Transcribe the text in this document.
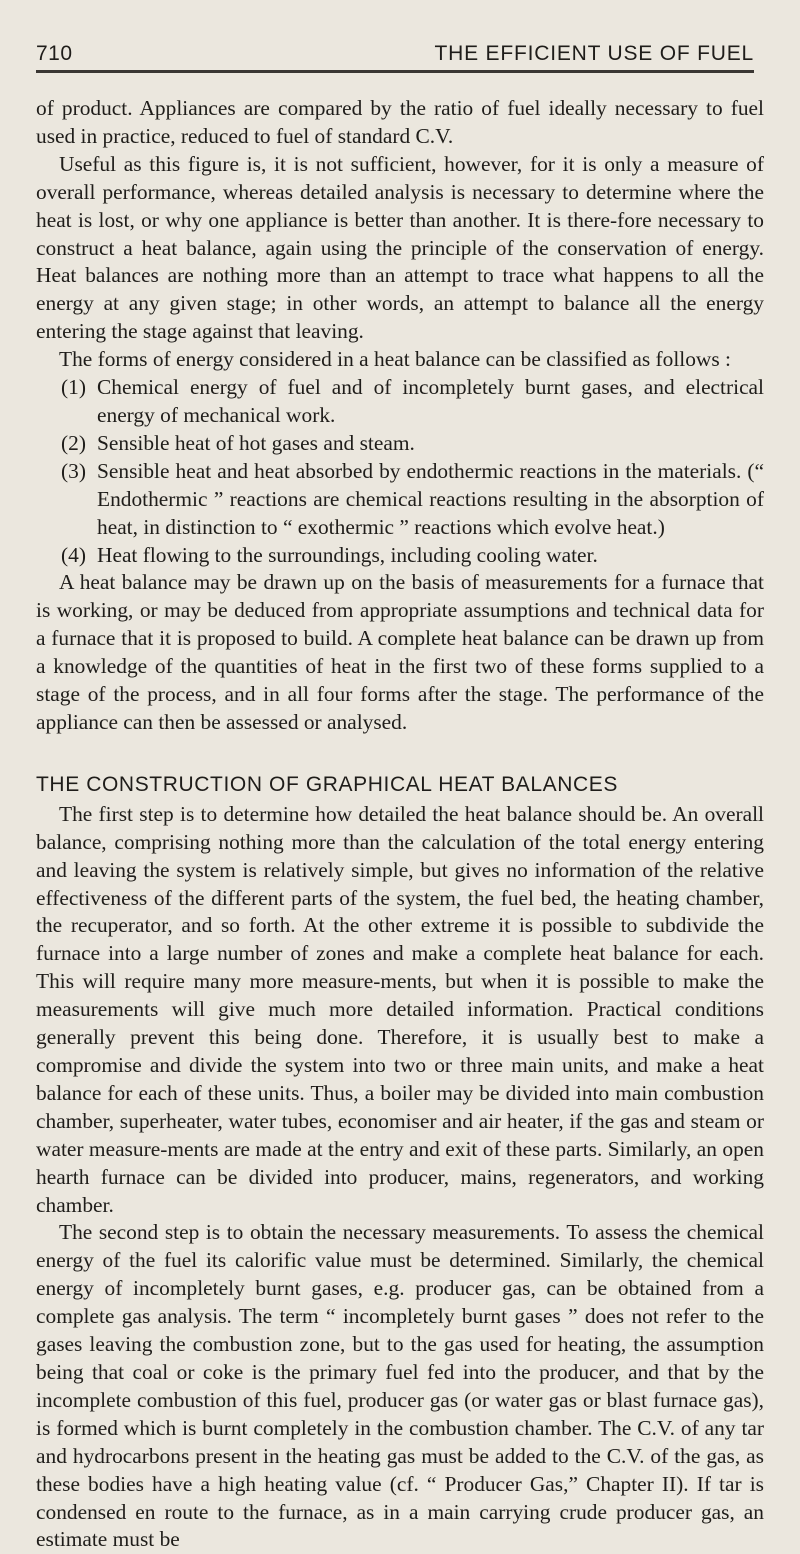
710	THE EFFICIENT USE OF FUEL

of product. Appliances are compared by the ratio of fuel ideally necessary to fuel used in practice, reduced to fuel of standard C.V.

Useful as this figure is, it is not sufficient, however, for it is only a measure of overall performance, whereas detailed analysis is necessary to determine where the heat is lost, or why one appliance is better than another. It is there-fore necessary to construct a heat balance, again using the principle of the conservation of energy. Heat balances are nothing more than an attempt to trace what happens to all the energy at any given stage; in other words, an attempt to balance all the energy entering the stage against that leaving.

The forms of energy considered in a heat balance can be classified as follows :

(1) Chemical energy of fuel and of incompletely burnt gases, and electrical energy of mechanical work.
(2) Sensible heat of hot gases and steam.
(3) Sensible heat and heat absorbed by endothermic reactions in the materials. (“ Endothermic ” reactions are chemical reactions resulting in the absorption of heat, in distinction to “ exothermic ” reactions which evolve heat.)
(4) Heat flowing to the surroundings, including cooling water.

A heat balance may be drawn up on the basis of measurements for a furnace that is working, or may be deduced from appropriate assumptions and technical data for a furnace that it is proposed to build. A complete heat balance can be drawn up from a knowledge of the quantities of heat in the first two of these forms supplied to a stage of the process, and in all four forms after the stage. The performance of the appliance can then be assessed or analysed.

THE CONSTRUCTION OF GRAPHICAL HEAT BALANCES

The first step is to determine how detailed the heat balance should be. An overall balance, comprising nothing more than the calculation of the total energy entering and leaving the system is relatively simple, but gives no information of the relative effectiveness of the different parts of the system, the fuel bed, the heating chamber, the recuperator, and so forth. At the other extreme it is possible to subdivide the furnace into a large number of zones and make a complete heat balance for each. This will require many more measure-ments, but when it is possible to make the measurements will give much more detailed information. Practical conditions generally prevent this being done. Therefore, it is usually best to make a compromise and divide the system into two or three main units, and make a heat balance for each of these units. Thus, a boiler may be divided into main combustion chamber, superheater, water tubes, economiser and air heater, if the gas and steam or water measure-ments are made at the entry and exit of these parts. Similarly, an open hearth furnace can be divided into producer, mains, regenerators, and working chamber.

The second step is to obtain the necessary measurements. To assess the chemical energy of the fuel its calorific value must be determined. Similarly, the chemical energy of incompletely burnt gases, e.g. producer gas, can be obtained from a complete gas analysis. The term “ incompletely burnt gases ” does not refer to the gases leaving the combustion zone, but to the gas used for heating, the assumption being that coal or coke is the primary fuel fed into the producer, and that by the incomplete combustion of this fuel, producer gas (or water gas or blast furnace gas), is formed which is burnt completely in the combustion chamber. The C.V. of any tar and hydrocarbons present in the heating gas must be added to the C.V. of the gas, as these bodies have a high heating value (cf. “ Producer Gas,” Chapter II). If tar is condensed en route to the furnace, as in a main carrying crude producer gas, an estimate must be
